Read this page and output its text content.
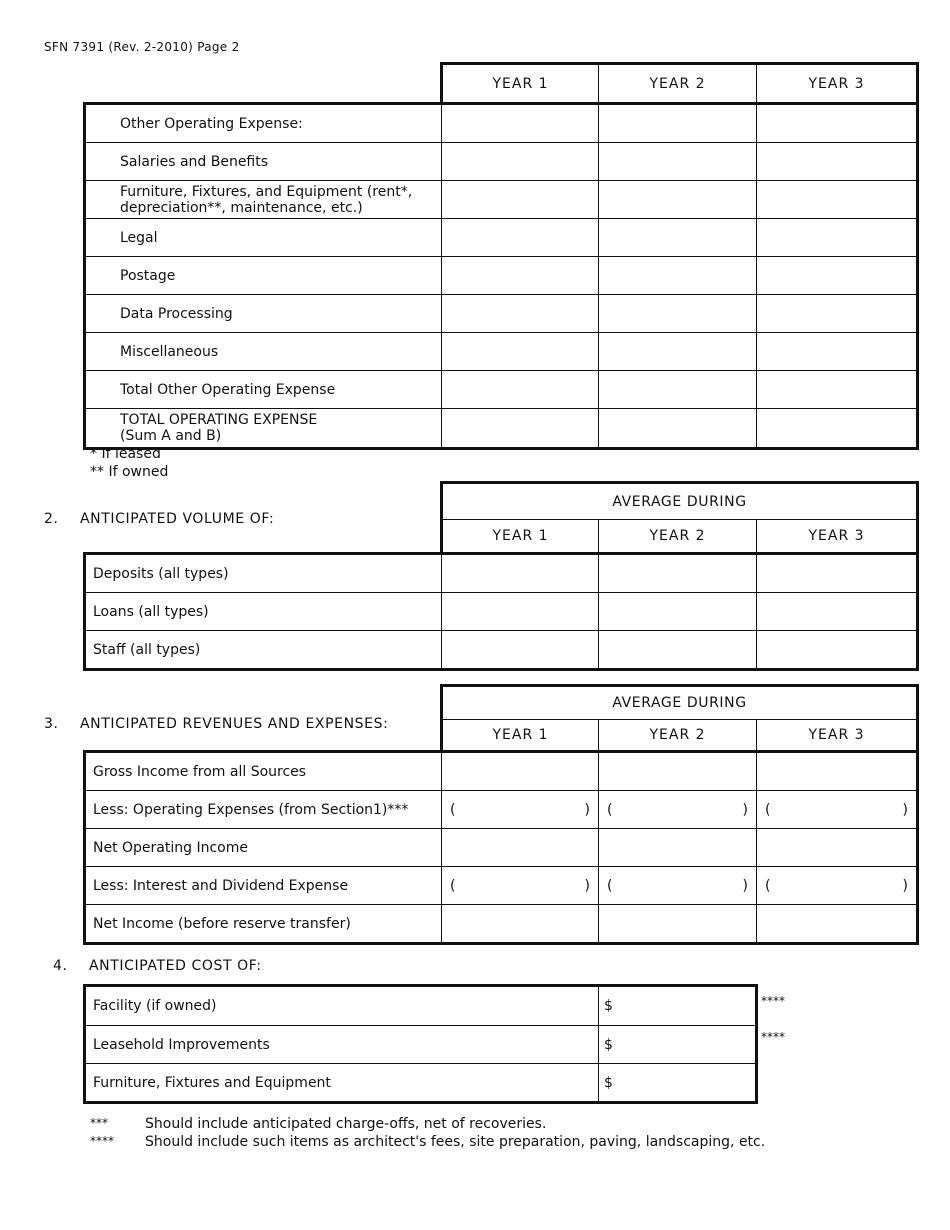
SFN 7391 (Rev. 2-2010) Page 2
	YEAR 1	YEAR 2	YEAR 3
Other Operating Expense:			
Salaries and Benefits			

Furniture, Fixtures, and Equipment (rent*,
depreciation**, maintenance, etc.)			

Legal			
Postage			
Data Processing			
Miscellaneous			
Total Other Operating Expense			

TOTAL OPERATING EXPENSE
(Sum A and B)			

* If leased
** If owned
2. ANTICIPATED VOLUME OF:
	AVERAGE DURING		
	YEAR 1	YEAR 2	YEAR 3
Deposits (all types)			
Loans (all types)			
Staff (all types)			
3. ANTICIPATED REVENUES AND EXPENSES:
	AVERAGE DURING		
	YEAR 1	YEAR 2	YEAR 3
Gross Income from all Sources			
Less: Operating Expenses (from Section1)***	( )	( )	( )

Net Operating Income			
Less: Interest and Dividend Expense	( )	( )	( )

Net Income (before reserve transfer)			
4. ANTICIPATED COST OF:
Facility (if owned)	$
Leasehold Improvements	$
Furniture, Fixtures and Equipment	$
****
****
***	Should include anticipated charge-offs, net of recoveries.
**** Should include such items as architect's fees, site preparation, paving, landscaping, etc.
